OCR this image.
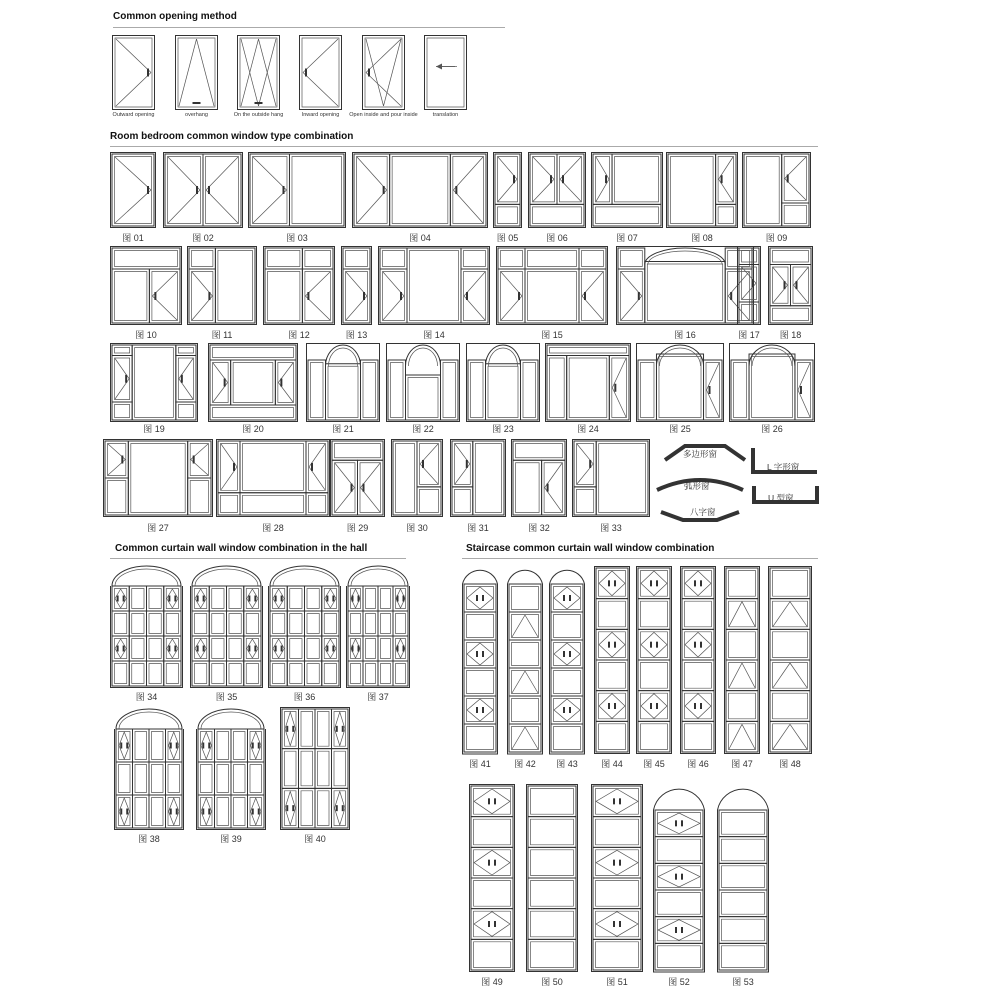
Common opening method
Room bedroom common window type combination
Common curtain wall window combination in the hall	Staircase common curtain wall window combination
Outward opening	overhang	On the outside hang	Inward opening Open inside and pour inside	translation
图 01	图 02	图 03	图 04	图 05	图 06	图 07	图 08	图 09
图 10	图 11	图 12	图 13	图 14	图 15	图 16	图 17 图 18
图 19	图 20	图 21	图 22	图 23	图 24	图 25	图 26
图 27	图 28	图 29	图 30	图 31	图 32	图 33
多边形窗
L 字形窗
弧形窗
U 型窗
八字窗
图 34	图 35	图 36	图 37
图 38	图 39	图 40
图 41	图 42 图 43	图 44 图 45 图 46 图 47	图 48
图 49	图 50	图 51	图 52	图 53
